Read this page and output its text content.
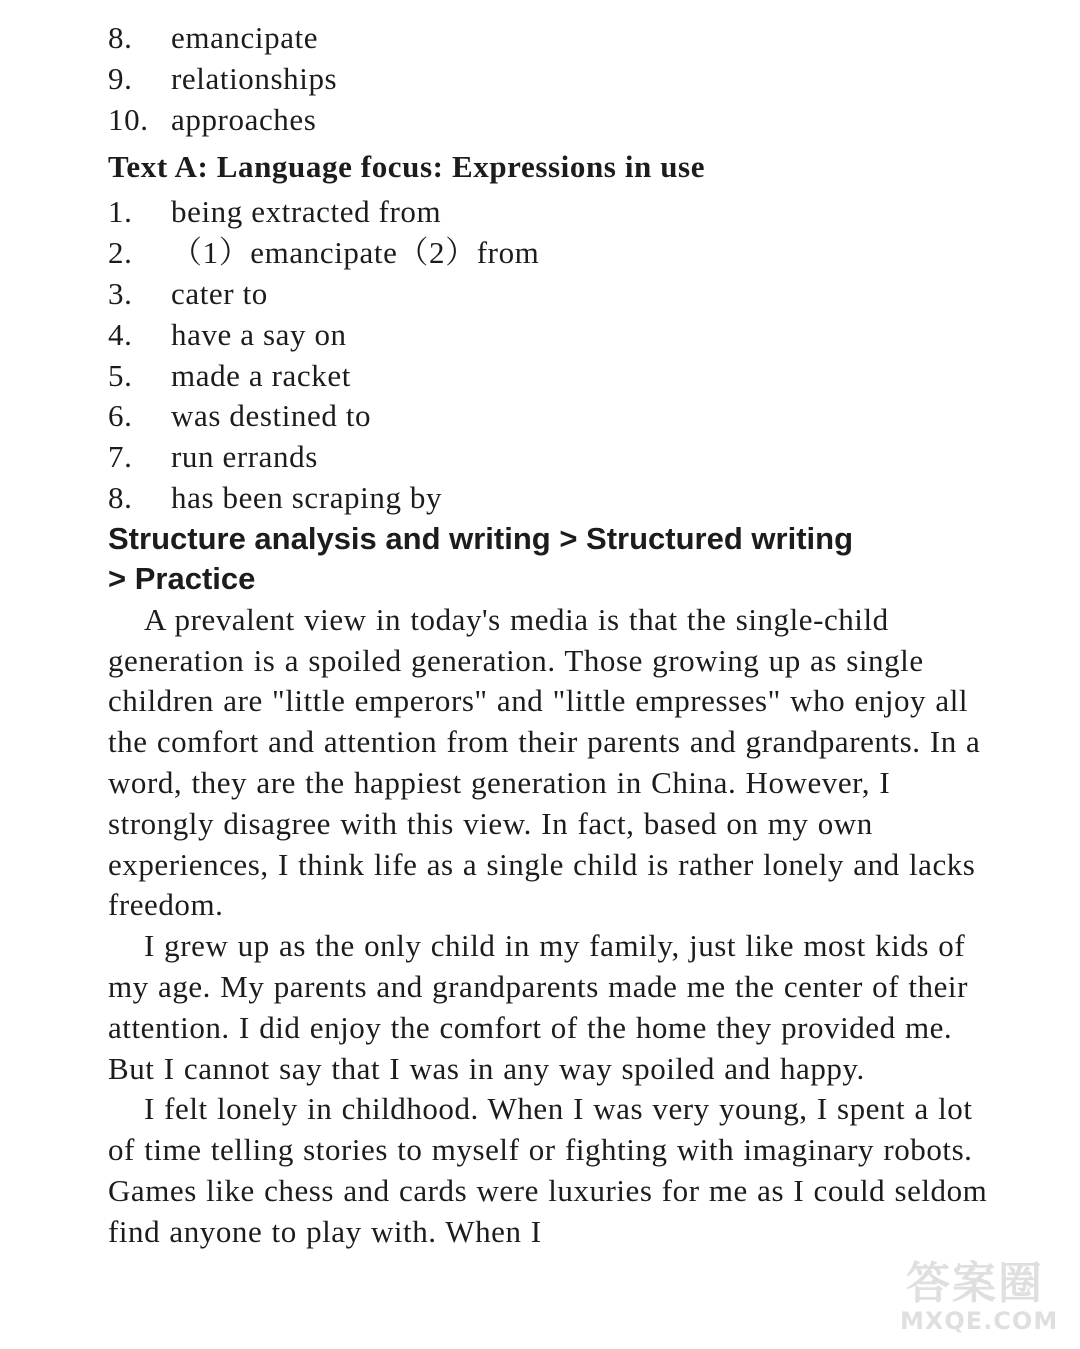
8.	emancipate
9.	relationships
10. approaches
Text A: Language focus: Expressions in use
1.	being extracted from
2.	（1）emancipate（2）from
3.	cater to
4.	have a say on
5.	made a racket
6.	was destined to
7.	run errands
8.	has been scraping by
Structure analysis and writing > Structured writing > Practice

A prevalent view in today's media is that the single-child generation is a spoiled generation. Those growing up as single children are "little emperors" and "little empresses" who enjoy all the comfort and attention from their parents and grandparents. In a word, they are the happiest generation in China. However, I strongly disagree with this view. In fact, based on my own experiences, I think life as a single child is rather lonely and lacks freedom.

I grew up as the only child in my family, just like most kids of my age. My parents and grandparents made me the center of their attention. I did enjoy the comfort of the home they provided me. But I cannot say that I was in any way spoiled and happy.

I felt lonely in childhood. When I was very young, I spent a lot of time telling stories to myself or fighting with imaginary robots. Games like chess and cards were luxuries for me as I could seldom find anyone to play with. When I

答案圈
MXQE.COM
